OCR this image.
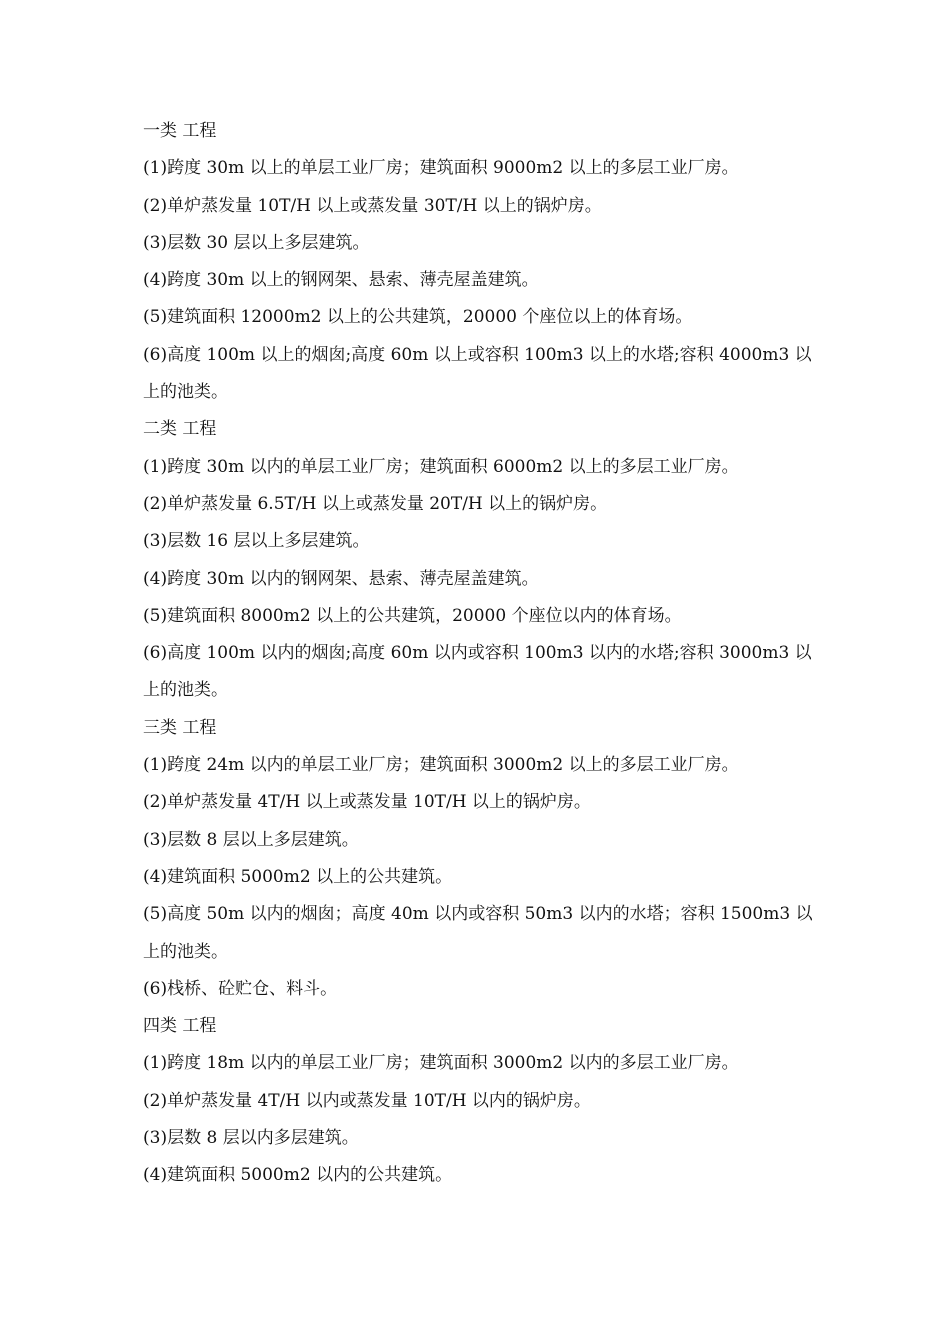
一类 工程

(1)跨度 30m 以上的单层工业厂房；建筑面积 9000m2 以上的多层工业厂房。

(2)单炉蒸发量 10T/H 以上或蒸发量 30T/H 以上的锅炉房。

(3)层数 30 层以上多层建筑。

(4)跨度 30m 以上的钢网架、悬索、薄壳屋盖建筑。

(5)建筑面积 12000m2 以上的公共建筑，20000 个座位以上的体育场。

(6)高度 100m 以上的烟囱;高度 60m 以上或容积 100m3 以上的水塔;容积 4000m3 以上的池类。

二类 工程

(1)跨度 30m 以内的单层工业厂房；建筑面积 6000m2 以上的多层工业厂房。

(2)单炉蒸发量 6.5T/H 以上或蒸发量 20T/H 以上的锅炉房。

(3)层数 16 层以上多层建筑。

(4)跨度 30m 以内的钢网架、悬索、薄壳屋盖建筑。

(5)建筑面积 8000m2 以上的公共建筑，20000 个座位以内的体育场。

(6)高度 100m 以内的烟囱;高度 60m 以内或容积 100m3 以内的水塔;容积 3000m3 以上的池类。

三类 工程

(1)跨度 24m 以内的单层工业厂房；建筑面积 3000m2 以上的多层工业厂房。

(2)单炉蒸发量 4T/H 以上或蒸发量 10T/H 以上的锅炉房。

(3)层数 8 层以上多层建筑。

(4)建筑面积 5000m2 以上的公共建筑。

(5)高度 50m 以内的烟囱；高度 40m 以内或容积 50m3 以内的水塔；容积 1500m3 以上的池类。

(6)栈桥、砼贮仓、料斗。

四类 工程

(1)跨度 18m 以内的单层工业厂房；建筑面积 3000m2 以内的多层工业厂房。

(2)单炉蒸发量 4T/H 以内或蒸发量 10T/H 以内的锅炉房。

(3)层数 8 层以内多层建筑。

(4)建筑面积 5000m2 以内的公共建筑。
